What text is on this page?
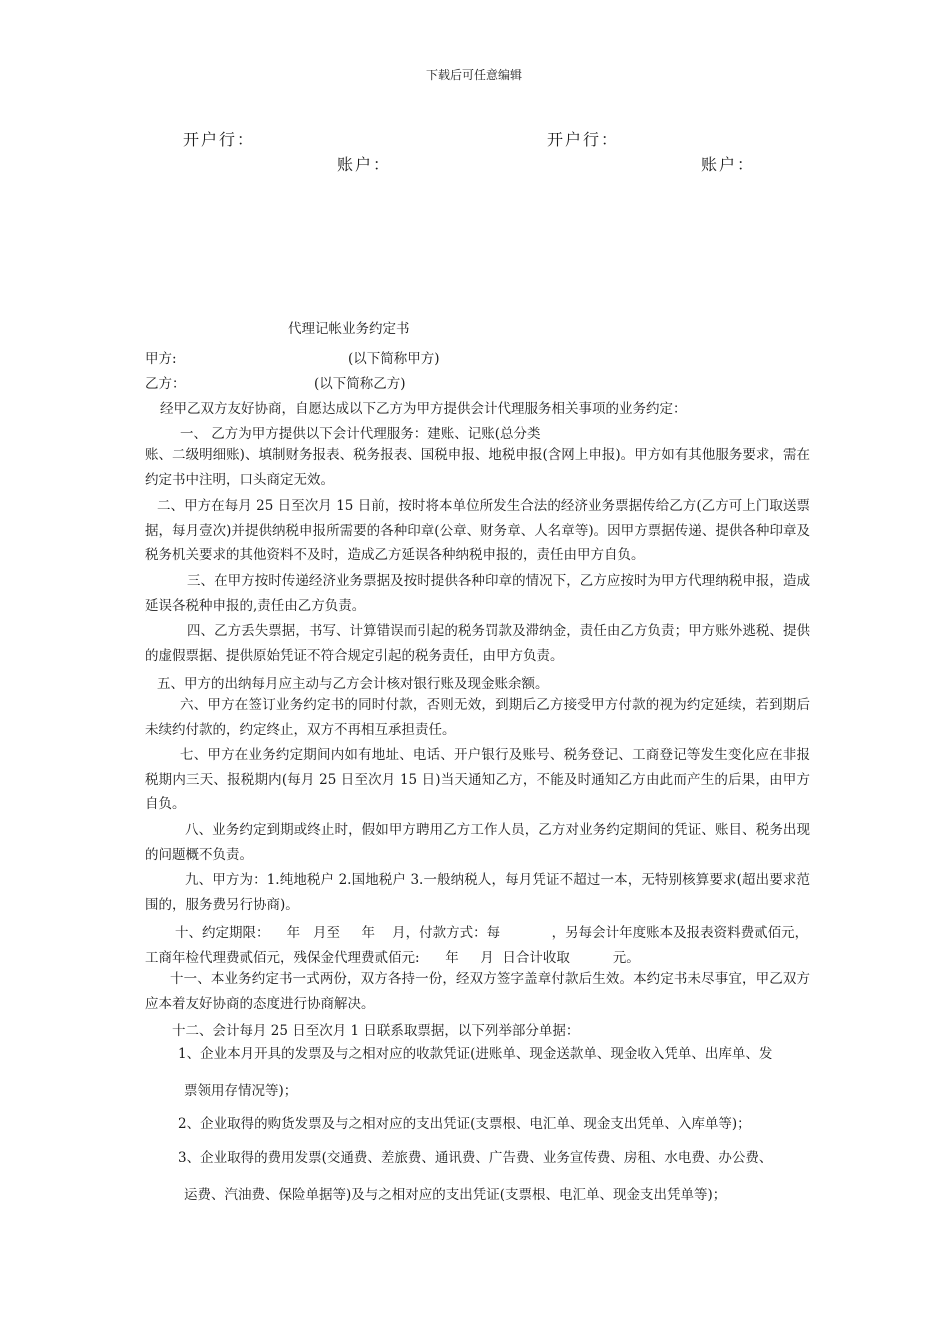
下载后可任意编辑
开户行：
账户：
开户行：
账户：
代理记帐业务约定书
甲方:	(以下简称甲方)
乙方：	(以下简称乙方)
经甲乙双方友好协商，自愿达成以下乙方为甲方提供会计代理服务相关事项的业务约定：
一、 乙方为甲方提供以下会计代理服务：建账、记账(总分类

账、二级明细账)、填制财务报表、税务报表、国税申报、地税申报(含网上申报)。甲方如有其他服务要求，需在约定书中注明，口头商定无效。

二、甲方在每月 25 日至次月 15 日前，按时将本单位所发生合法的经济业务票据传给乙方(乙方可上门取送票据，每月壹次)并提供纳税申报所需要的各种印章(公章、财务章、人名章等)。因甲方票据传递、提供各种印章及税务机关要求的其他资料不及时，造成乙方延误各种纳税申报的，责任由甲方自负。

三、在甲方按时传递经济业务票据及按时提供各种印章的情况下，乙方应按时为甲方代理纳税申报，造成延误各税种申报的,责任由乙方负责。

四、乙方丢失票据，书写、计算错误而引起的税务罚款及滞纳金，责任由乙方负责；甲方账外逃税、提供的虚假票据、提供原始凭证不符合规定引起的税务责任，由甲方负责。

五、甲方的出纳每月应主动与乙方会计核对银行账及现金账余额。

六、甲方在签订业务约定书的同时付款，否则无效，到期后乙方接受甲方付款的视为约定延续，若到期后未续约付款的，约定终止，双方不再相互承担责任。

七、甲方在业务约定期间内如有地址、电话、开户银行及账号、税务登记、工商登记等发生变化应在非报税期内三天、报税期内(每月 25 日至次月 15 日)当天通知乙方，不能及时通知乙方由此而产生的后果，由甲方自负。

八、业务约定到期或终止时，假如甲方聘用乙方工作人员，乙方对业务约定期间的凭证、账目、税务出现的问题概不负责。

九、甲方为：1.纯地税户 2.国地税户 3.一般纳税人，每月凭证不超过一本，无特别核算要求(超出要求范围的，服务费另行协商)。

十、约定期限：    年   月至     年    月，付款方式：每            ，另每会计年度账本及报表资料费贰佰元，
工商年检代理费贰佰元，残保金代理费贰佰元:      年     月  日合计收取          元。

十一、本业务约定书一式两份，双方各持一份，经双方签字盖章付款后生效。本约定书未尽事宜，甲乙双方应本着友好协商的态度进行协商解决。

十二、会计每月 25 日至次月 1 日联系取票据，以下列举部分单据：
1、企业本月开具的发票及与之相对应的收款凭证(进账单、现金送款单、现金收入凭单、出库单、发
票领用存情况等)；
2、企业取得的购货发票及与之相对应的支出凭证(支票根、电汇单、现金支出凭单、入库单等)；
3、企业取得的费用发票(交通费、差旅费、通讯费、广告费、业务宣传费、房租、水电费、办公费、
运费、汽油费、保险单据等)及与之相对应的支出凭证(支票根、电汇单、现金支出凭单等)；
